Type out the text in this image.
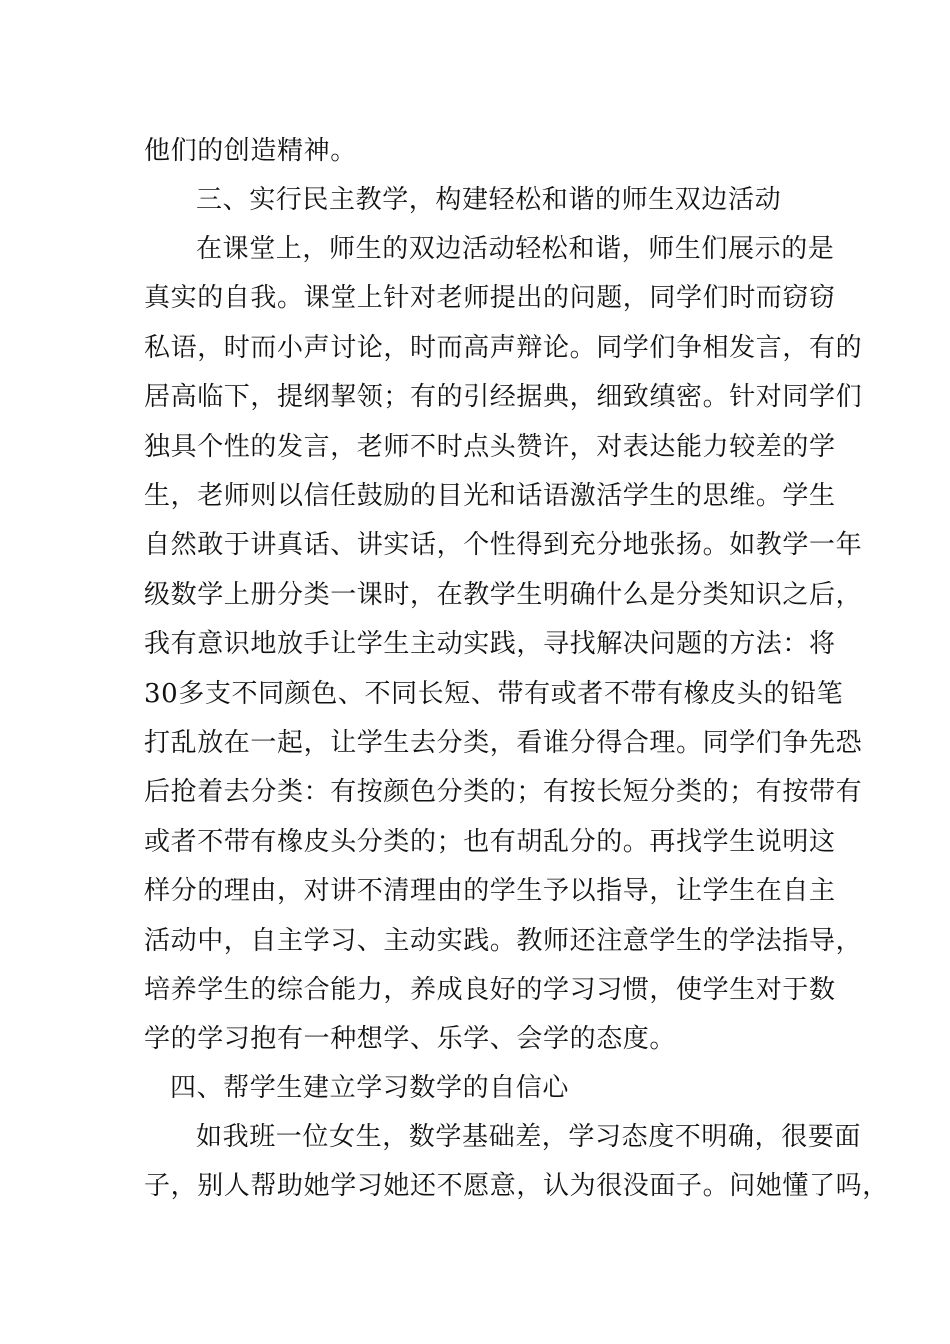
他们的创造精神。
三、实行民主教学，构建轻松和谐的师生双边活动
在课堂上，师生的双边活动轻松和谐，师生们展示的是
真实的自我。课堂上针对老师提出的问题，同学们时而窃窃
私语，时而小声讨论，时而高声辩论。同学们争相发言，有的
居高临下，提纲挈领；有的引经据典，细致缜密。针对同学们
独具个性的发言，老师不时点头赞许，对表达能力较差的学
生，老师则以信任鼓励的目光和话语激活学生的思维。学生
自然敢于讲真话、讲实话，个性得到充分地张扬。如教学一年
级数学上册分类一课时，在教学生明确什么是分类知识之后，
我有意识地放手让学生主动实践，寻找解决问题的方法：将
30多支不同颜色、不同长短、带有或者不带有橡皮头的铅笔
打乱放在一起，让学生去分类，看谁分得合理。同学们争先恐
后抢着去分类：有按颜色分类的；有按长短分类的；有按带有
或者不带有橡皮头分类的；也有胡乱分的。再找学生说明这
样分的理由，对讲不清理由的学生予以指导，让学生在自主
活动中，自主学习、主动实践。教师还注意学生的学法指导，
培养学生的综合能力，养成良好的学习习惯，使学生对于数
学的学习抱有一种想学、乐学、会学的态度。
四、帮学生建立学习数学的自信心
如我班一位女生，数学基础差，学习态度不明确，很要面
子，别人帮助她学习她还不愿意，认为很没面子。问她懂了吗，
